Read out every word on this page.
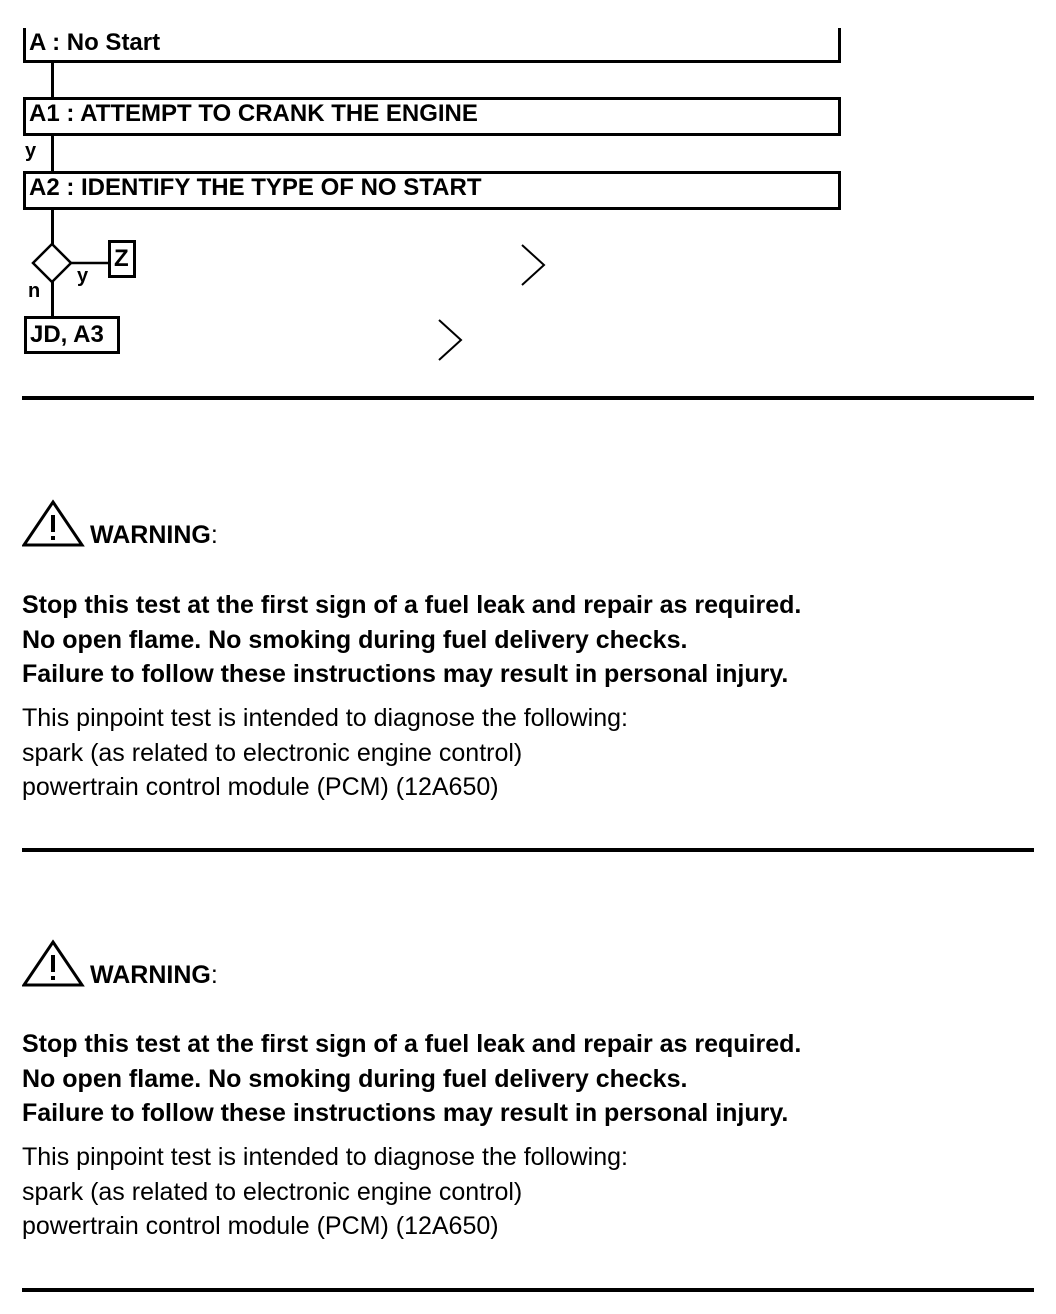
A : No Start
A1 : ATTEMPT TO CRANK THE ENGINE
y
A2 : IDENTIFY THE TYPE OF NO START
y
n
Z
JD, A3
WARNING:
Stop this test at the first sign of a fuel leak and repair as required.
No open flame. No smoking during fuel delivery checks.
Failure to follow these instructions may result in personal injury.
This pinpoint test is intended to diagnose the following:
spark (as related to electronic engine control)
powertrain control module (PCM) (12A650)
WARNING:
Stop this test at the first sign of a fuel leak and repair as required.
No open flame. No smoking during fuel delivery checks.
Failure to follow these instructions may result in personal injury.
This pinpoint test is intended to diagnose the following:
spark (as related to electronic engine control)
powertrain control module (PCM) (12A650)
